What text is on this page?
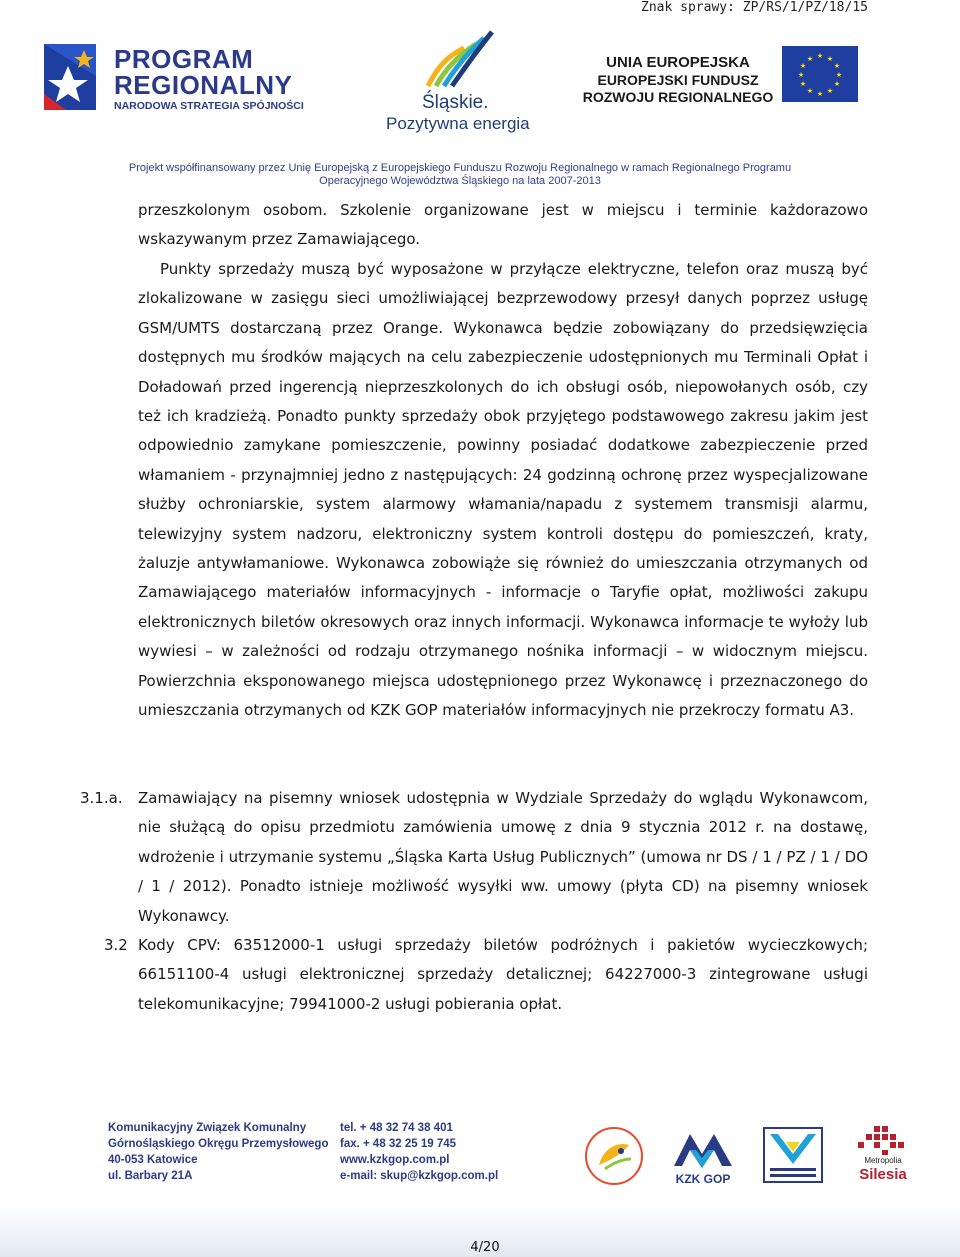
Znak sprawy: ZP/RS/1/PZ/18/15
PROGRAM
REGIONALNY
NARODOWA STRATEGIA SPÓJNOŚCI	Śląskie.
Pozytywna energia
UNIA EUROPEJSKA
EUROPEJSKI FUNDUSZ
ROZWOJU REGIONALNEGO
★ ★
★
★
★
★
★
★
★
★
★
★
Projekt współfinansowany przez Unię Europejską z Europejskiego Funduszu Rozwoju Regionalnego w ramach Regionalnego Programu
Operacyjnego Województwa Śląskiego na lata 2007-2013
przeszkolonym osobom. Szkolenie organizowane jest w miejscu i terminie każdorazowo wskazywanym przez Zamawiającego.
Punkty sprzedaży muszą być wyposażone w przyłącze elektryczne, telefon oraz muszą być zlokalizowane w zasięgu sieci umożliwiającej bezprzewodowy przesył danych poprzez usługę GSM/UMTS dostarczaną przez Orange. Wykonawca będzie zobowiązany do przedsięwzięcia dostępnych mu środków mających na celu zabezpieczenie udostępnionych mu Terminali Opłat i Doładowań przed ingerencją nieprzeszkolonych do ich obsługi osób, niepowołanych osób, czy też ich kradzieżą. Ponadto punkty sprzedaży obok przyjętego podstawowego zakresu jakim jest odpowiednio zamykane pomieszczenie, powinny posiadać dodatkowe zabezpieczenie przed włamaniem - przynajmniej jedno z następujących: 24 godzinną ochronę przez wyspecjalizowane służby ochroniarskie, system alarmowy włamania/napadu z systemem transmisji alarmu, telewizyjny system nadzoru, elektroniczny system kontroli dostępu do pomieszczeń, kraty, żaluzje antywłamaniowe. Wykonawca zobowiąże się również do umieszczania otrzymanych od Zamawiającego materiałów informacyjnych - informacje o Taryfie opłat, możliwości zakupu elektronicznych biletów okresowych oraz innych informacji. Wykonawca informacje te wyłoży lub wywiesi – w zależności od rodzaju otrzymanego nośnika informacji – w widocznym miejscu. Powierzchnia eksponowanego miejsca udostępnionego przez Wykonawcę i przeznaczonego do umieszczania otrzymanych od KZK GOP materiałów informacyjnych nie przekroczy formatu A3.
3.1.a. Zamawiający na pisemny wniosek udostępnia w Wydziale Sprzedaży do wglądu Wykonawcom, nie służącą do opisu przedmiotu zamówienia umowę z dnia 9 stycznia 2012 r. na dostawę, wdrożenie i utrzymanie systemu „Śląska Karta Usług Publicznych” (umowa nr DS / 1 / PZ / 1 / DO / 1 / 2012). Ponadto istnieje możliwość wysyłki ww. umowy (płyta CD) na pisemny wniosek Wykonawcy.
3.2 Kody CPV: 63512000-1 usługi sprzedaży biletów podróżnych i pakietów wycieczkowych; 66151100-4 usługi elektronicznej sprzedaży detalicznej; 64227000-3 zintegrowane usługi telekomunikacyjne; 79941000-2 usługi pobierania opłat.
Komunikacyjny Związek Komunalny
Górnośląskiego Okręgu Przemysłowego
40-053 Katowice
ul. Barbary 21A
tel. + 48 32 74 38 401
fax. + 48 32 25 19 745
www.kzkgop.com.pl
e-mail: skup@kzkgop.com.pl	KZK GOP
Metropolia
Silesia
4/20
